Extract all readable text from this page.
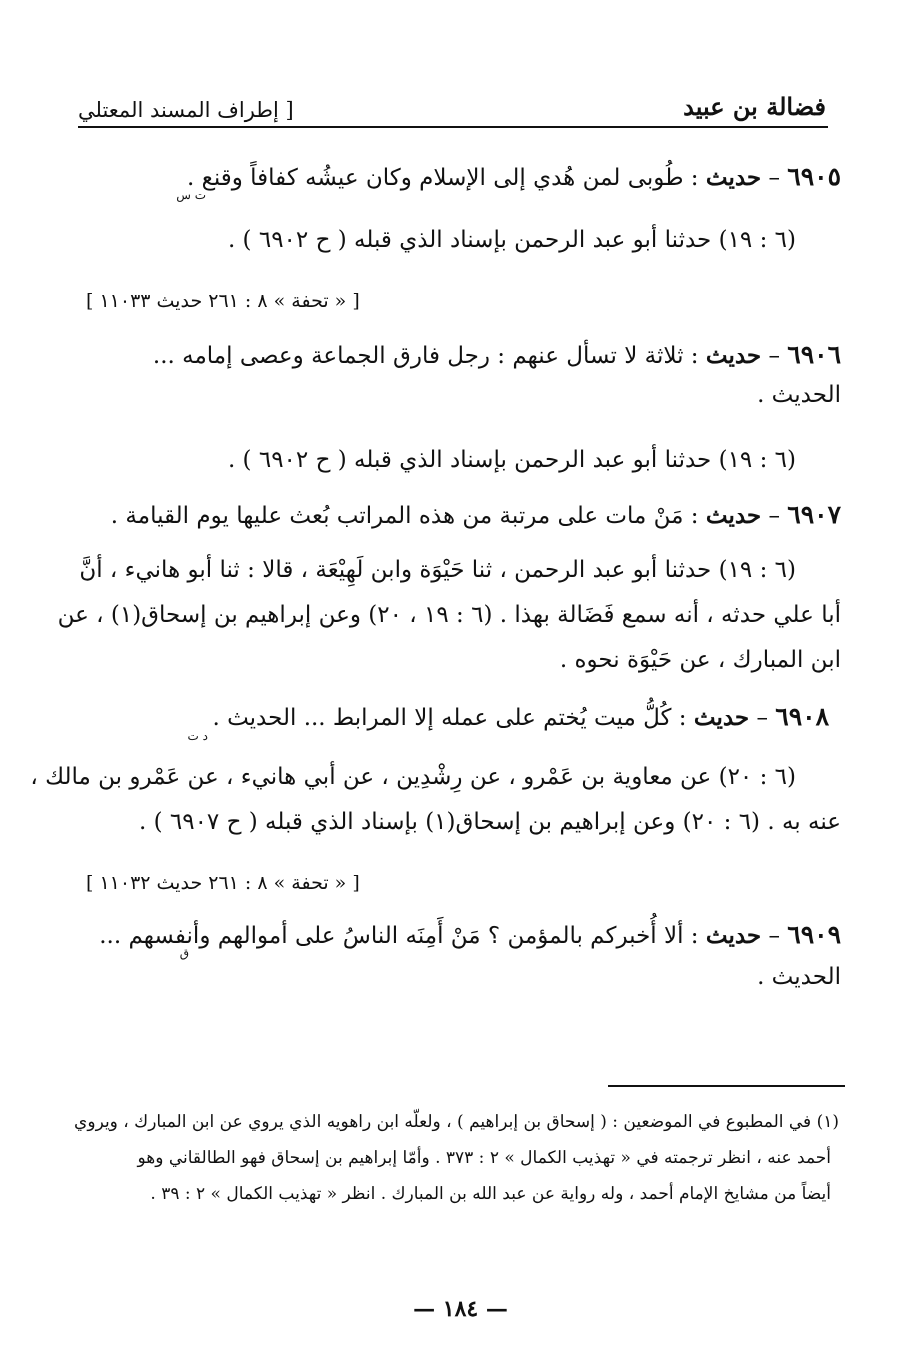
فضالة بن عبيد
[ إطراف المسند المعتلي
٦٩٠٥ – حديث : طُوبى لمن هُدي إلى الإسلام وكان عيشُه كفافاً وقنع .
ت س
(٦ : ١٩) حدثنا أبو عبد الرحمن بإسناد الذي قبله ( ح ٦٩٠٢ ) .
[ « تحفة » ٨ : ٢٦١ حديث ١١٠٣٣ ]
٦٩٠٦ – حديث : ثلاثة لا تسأل عنهم : رجل فارق الجماعة وعصى إمامه ...
الحديث .
(٦ : ١٩) حدثنا أبو عبد الرحمن بإسناد الذي قبله ( ح ٦٩٠٢ ) .
٦٩٠٧ – حديث : مَنْ مات على مرتبة من هذه المراتب بُعث عليها يوم القيامة .
(٦ : ١٩) حدثنا أبو عبد الرحمن ، ثنا حَيْوَة وابن لَهِيْعَة ، قالا : ثنا أبو هانيء ، أنَّ
أبا علي حدثه ، أنه سمع فَضَالة بهذا . (٦ : ١٩ ، ٢٠) وعن إبراهيم بن إسحاق(١) ، عن
ابن المبارك ، عن حَيْوَة نحوه .
٦٩٠٨ – حديث : كُلُّ ميت يُختم على عمله إلا المرابط ... الحديث .
د ت
(٦ : ٢٠) عن معاوية بن عَمْرو ، عن رِشْدِين ، عن أبي هانيء ، عن عَمْرو بن مالك ،
عنه به . (٦ : ٢٠) وعن إبراهيم بن إسحاق(١) بإسناد الذي قبله ( ح ٦٩٠٧ ) .
[ « تحفة » ٨ : ٢٦١ حديث ١١٠٣٢ ]
٦٩٠٩ – حديث : ألا أُخبركم بالمؤمن ؟ مَنْ أَمِنَه الناسُ على أموالهم وأنفسهم ...
ق
الحديث .
(١) في المطبوع في الموضعين : ( إسحاق بن إبراهيم ) ، ولعلّه ابن راهويه الذي يروي عن ابن المبارك ، ويروي
أحمد عنه ، انظر ترجمته في « تهذيب الكمال » ٢ : ٣٧٣ . وأمّا إبراهيم بن إسحاق فهو الطالقاني وهو
أيضاً من مشايخ الإمام أحمد ، وله رواية عن عبد الله بن المبارك . انظر « تهذيب الكمال » ٢ : ٣٩ .
— ١٨٤ —
